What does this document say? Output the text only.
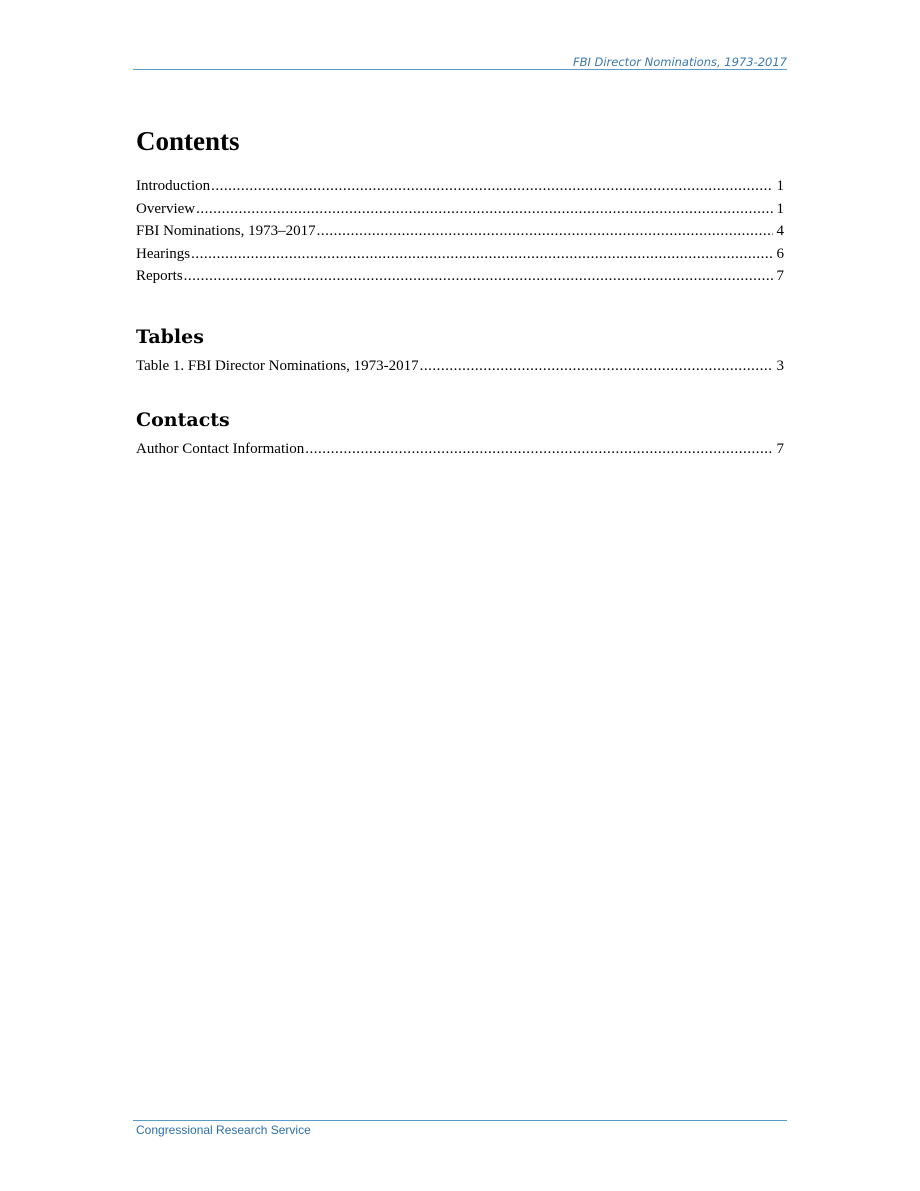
FBI Director Nominations, 1973-2017
Contents
Introduction .....	1
Overview .....	1
FBI Nominations, 1973–2017 .....	4
Hearings .....	6
Reports .....	7
Tables
Table 1. FBI Director Nominations, 1973-2017 .....	3
Contacts
Author Contact Information .....	7
Congressional Research Service
